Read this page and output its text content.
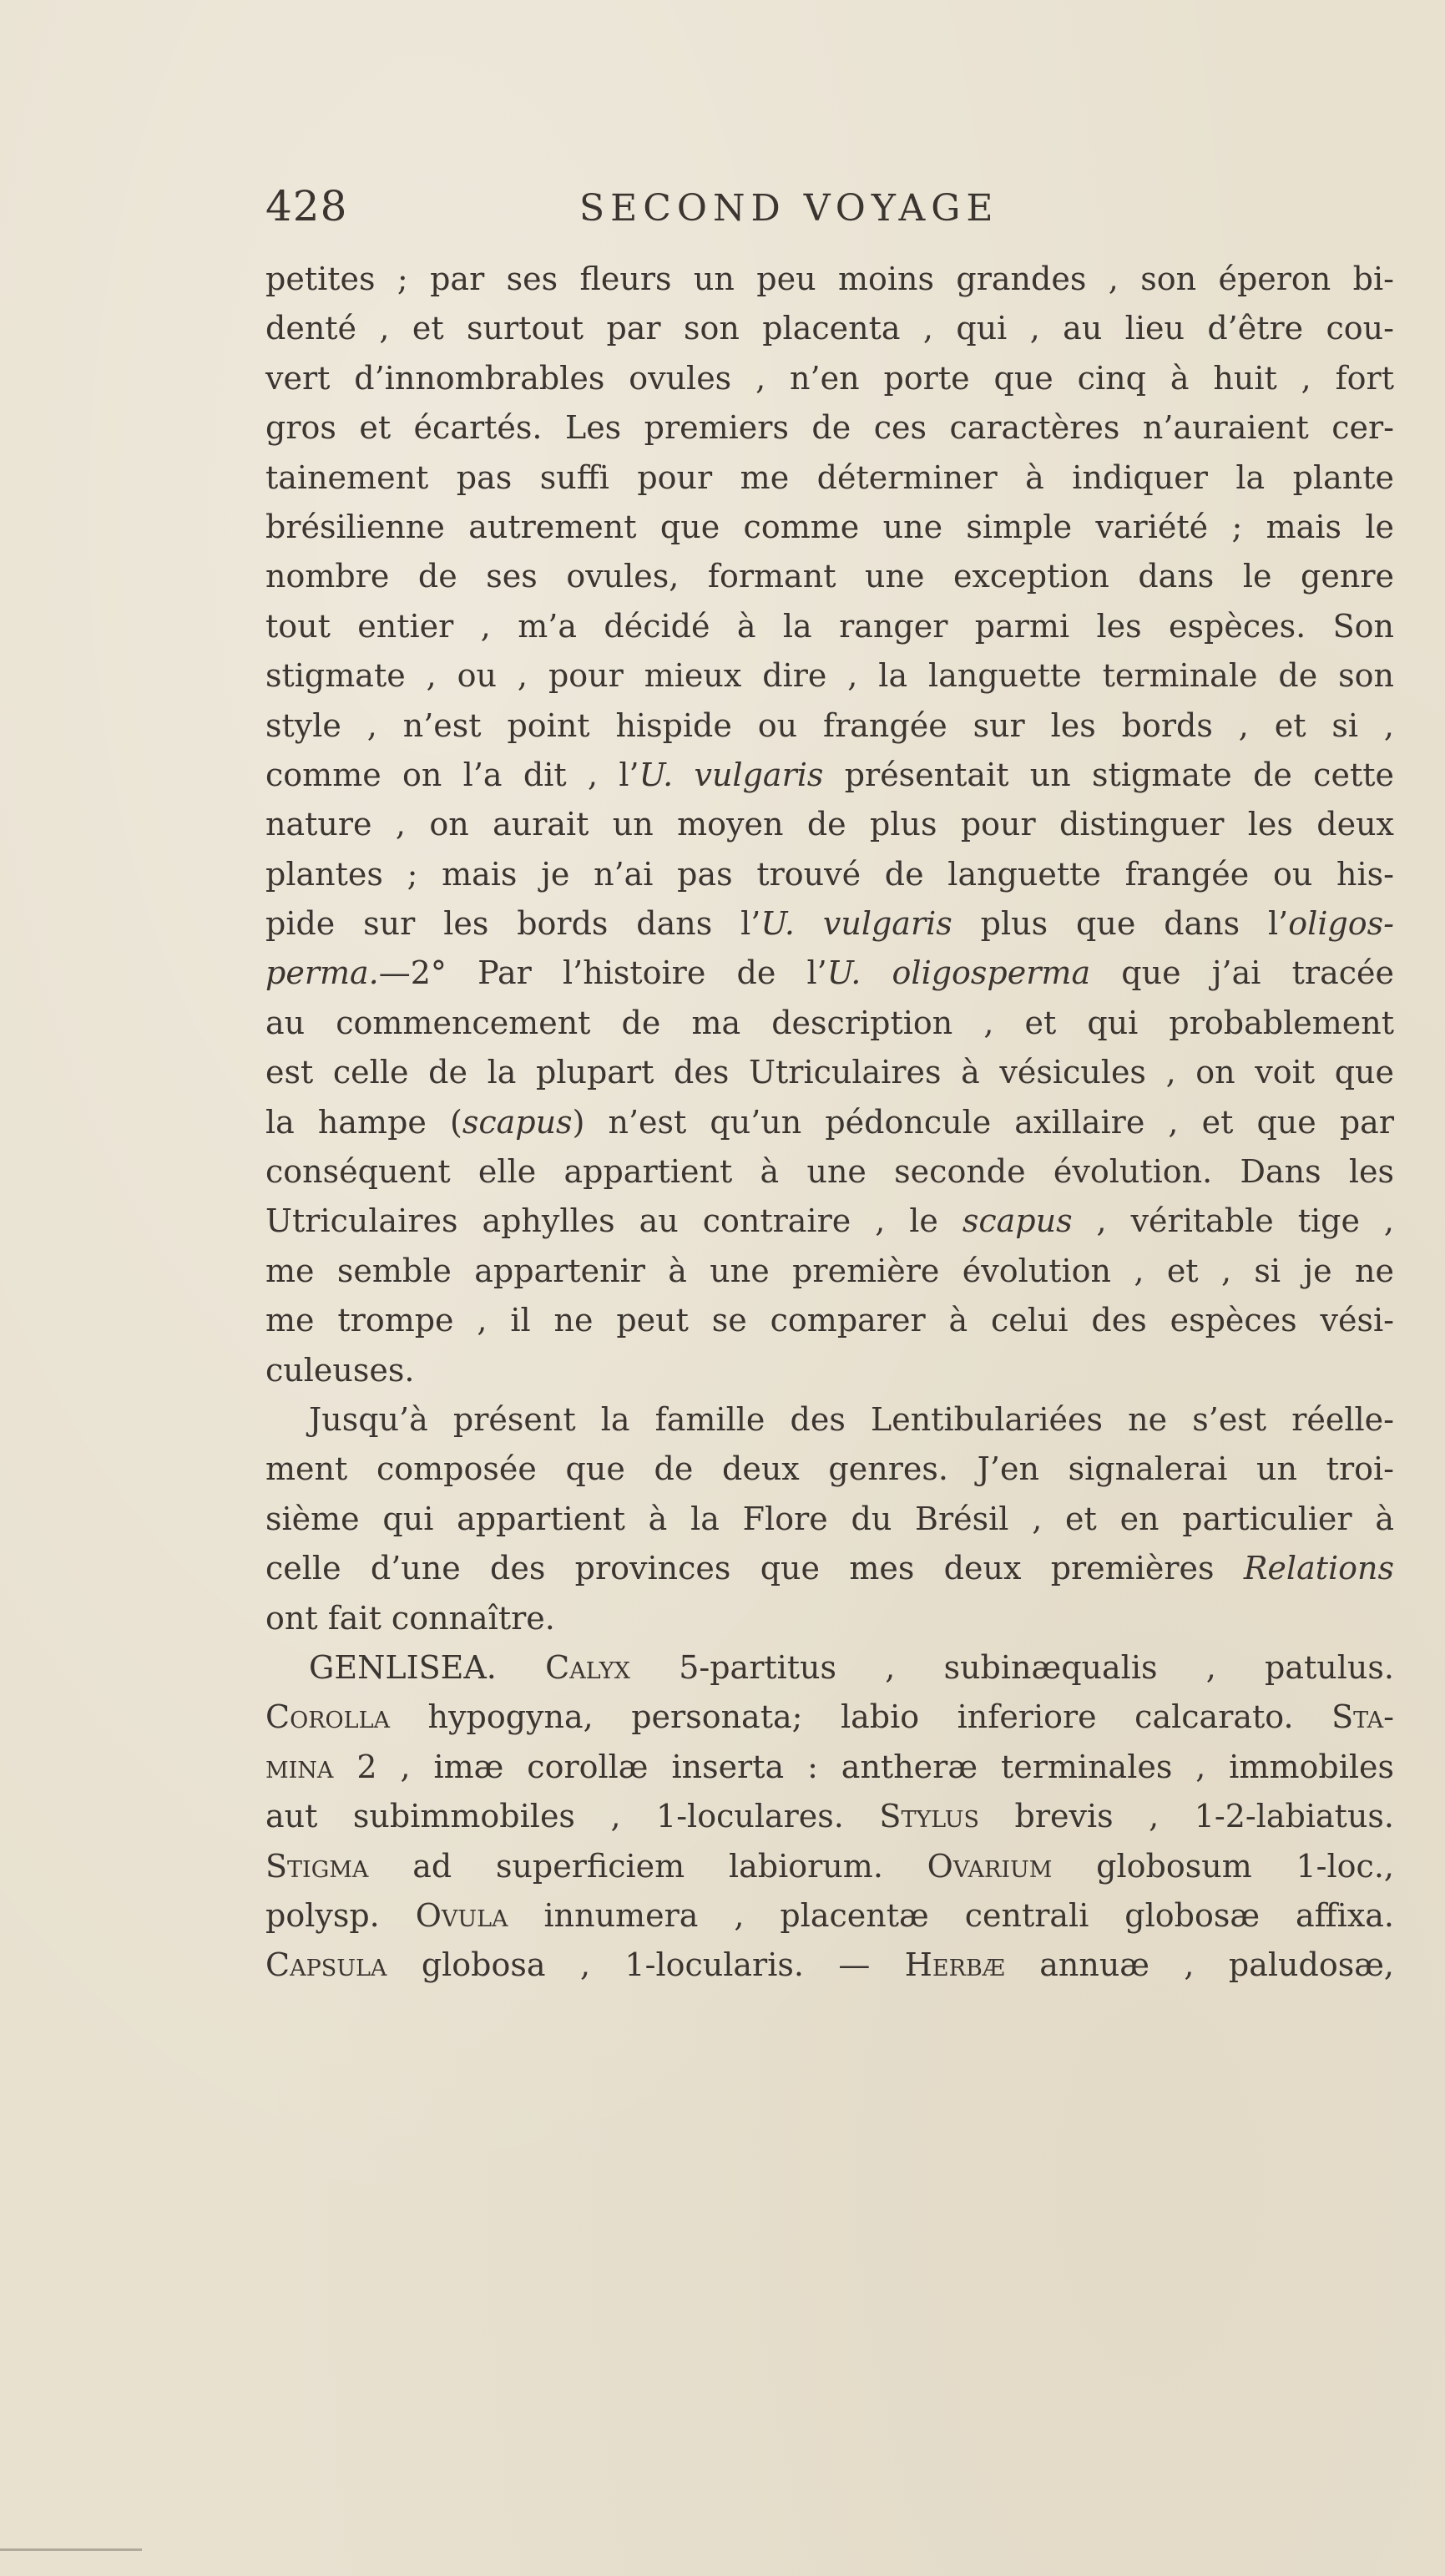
428	SECOND VOYAGE
petites ; par ses fleurs un peu moins grandes , son éperon bi-
denté , et surtout par son placenta , qui , au lieu d’être cou-
vert d’innombrables ovules , n’en porte que cinq à huit , fort
gros et écartés. Les premiers de ces caractères n’auraient cer-
tainement pas suffi pour me déterminer à indiquer la plante
brésilienne autrement que comme une simple variété ; mais le
nombre de ses ovules, formant une exception dans le genre
tout entier , m’a décidé à la ranger parmi les espèces. Son
stigmate , ou , pour mieux dire , la languette terminale de son
style , n’est point hispide ou frangée sur les bords , et si ,
comme on l’a dit , l’U. vulgaris présentait un stigmate de cette
nature , on aurait un moyen de plus pour distinguer les deux
plantes ; mais je n’ai pas trouvé de languette frangée ou his-
pide sur les bords dans l’U. vulgaris plus que dans l’oligos-
perma.—2° Par l’histoire de l’U. oligosperma que j’ai tracée
au commencement de ma description , et qui probablement
est celle de la plupart des Utriculaires à vésicules , on voit que
la hampe (scapus) n’est qu’un pédoncule axillaire , et que par
conséquent elle appartient à une seconde évolution. Dans les
Utriculaires aphylles au contraire , le scapus , véritable tige ,
me semble appartenir à une première évolution , et , si je ne
me trompe , il ne peut se comparer à celui des espèces vési-
culeuses.
Jusqu’à présent la famille des Lentibulariées ne s’est réelle-
ment composée que de deux genres. J’en signalerai un troi-
sième qui appartient à la Flore du Brésil , et en particulier à
celle d’une des provinces que mes deux premières Relations
ont fait connaître.
GENLISEA. Calyx 5-partitus , subinæqualis , patulus.
Corolla hypogyna, personata; labio inferiore calcarato. Sta-
mina 2 , imæ corollæ inserta : antheræ terminales , immobiles
aut subimmobiles , 1-loculares. Stylus brevis , 1-2-labiatus.
Stigma ad superficiem labiorum. Ovarium globosum 1-loc.,
polysp. Ovula innumera , placentæ centrali globosæ affixa.
Capsula globosa , 1-locularis. — Herbæ annuæ , paludosæ,
